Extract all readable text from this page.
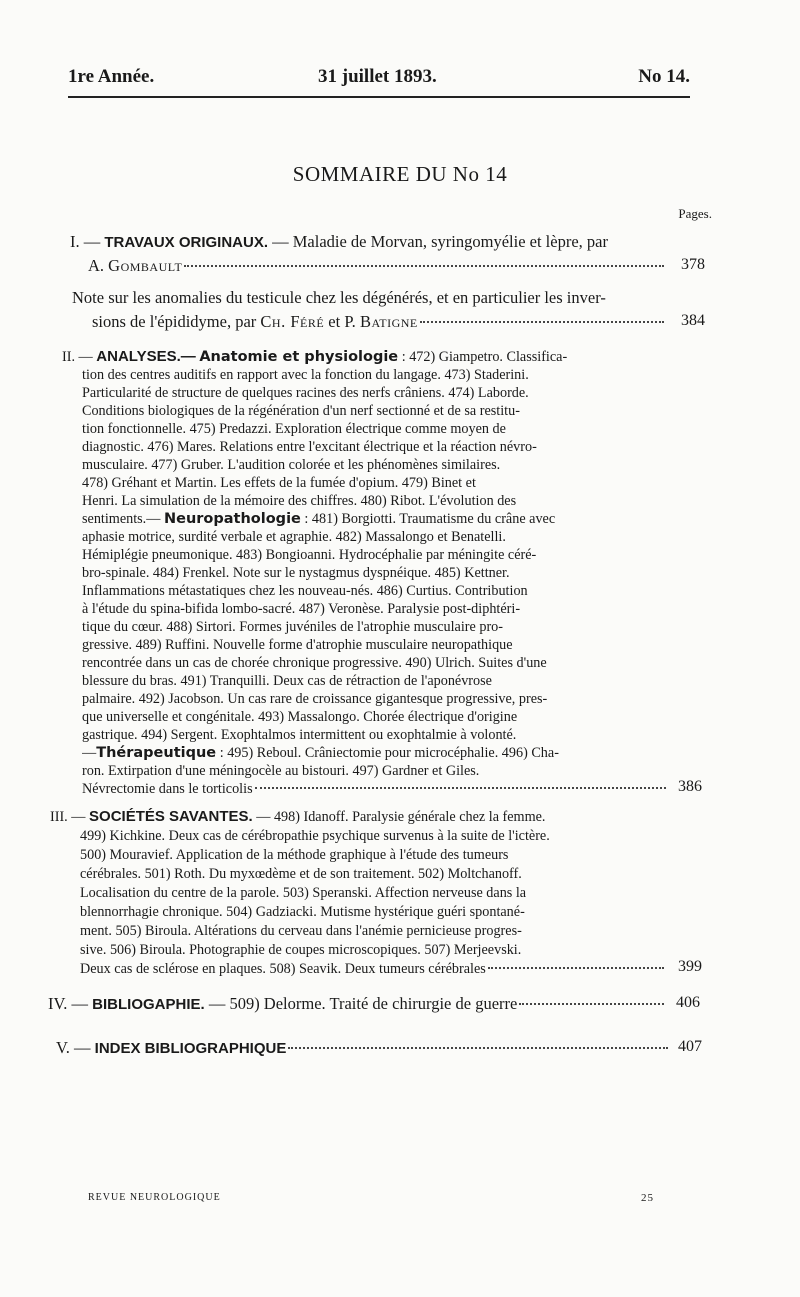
1re Année.	31 juillet 1893.	No 14.
SOMMAIRE DU No 14
Pages.
I. — TRAVAUX ORIGINAUX. — Maladie de Morvan, syringomyélie et lèpre, par
A.
Gombault	378
Note sur les anomalies du testicule chez les dégénérés, et en particulier les inver-
sions de l'épididyme, par
Ch. Féré
et P.
Batigne	384
II. — ANALYSES.— Anatomie et physiologie : 472) Giampetro. Classifica-
tion des centres auditifs en rapport avec la fonction du langage. 473) Staderini.
Particularité de structure de quelques racines des nerfs crâniens. 474) Laborde.
Conditions biologiques de la régénération d'un nerf sectionné et de sa restitu-
tion fonctionnelle. 475) Predazzi. Exploration électrique comme moyen de
diagnostic. 476) Mares. Relations entre l'excitant électrique et la réaction névro-
musculaire. 477) Gruber. L'audition colorée et les phénomènes similaires.
478) Gréhant et Martin. Les effets de la fumée d'opium. 479) Binet et
Henri. La simulation de la mémoire des chiffres. 480) Ribot. L'évolution des
sentiments.— Neuropathologie : 481) Borgiotti. Traumatisme du crâne avec
aphasie motrice, surdité verbale et agraphie. 482) Massalongo et Benatelli.
Hémiplégie pneumonique. 483) Bongioanni. Hydrocéphalie par méningite céré-
bro-spinale. 484) Frenkel. Note sur le nystagmus dyspnéique. 485) Kettner.
Inflammations métastatiques chez les nouveau-nés. 486) Curtius. Contribution
à l'étude du spina-bifida lombo-sacré. 487) Veronèse. Paralysie post-diphtéri-
tique du cœur. 488) Sirtori. Formes juvéniles de l'atrophie musculaire pro-
gressive. 489) Ruffini. Nouvelle forme d'atrophie musculaire neuropathique
rencontrée dans un cas de chorée chronique progressive. 490) Ulrich. Suites d'une
blessure du bras. 491) Tranquilli. Deux cas de rétraction de l'aponévrose
palmaire. 492) Jacobson. Un cas rare de croissance gigantesque progressive, pres-
que universelle et congénitale. 493) Massalongo. Chorée électrique d'origine
gastrique. 494) Sergent. Exophtalmos intermittent ou exophtalmie à volonté.
—Thérapeutique : 495) Reboul. Crâniectomie pour microcéphalie. 496) Cha-
ron. Extirpation d'une méningocèle au bistouri. 497) Gardner et Giles.
Névrectomie dans le torticolis	386
III. — SOCIÉTÉS SAVANTES. — 498) Idanoff. Paralysie générale chez la femme.
499) Kichkine. Deux cas de cérébropathie psychique survenus à la suite de l'ictère.
500) Mouravief. Application de la méthode graphique à l'étude des tumeurs
cérébrales. 501) Roth. Du myxœdème et de son traitement. 502) Moltchanoff.
Localisation du centre de la parole. 503) Speranski. Affection nerveuse dans la
blennorrhagie chronique. 504) Gadziacki. Mutisme hystérique guéri spontané-
ment. 505) Biroula. Altérations du cerveau dans l'anémie pernicieuse progres-
sive. 506) Biroula. Photographie de coupes microscopiques. 507) Merjeevski.
Deux cas de sclérose en plaques. 508) Seavik. Deux tumeurs cérébrales	399
IV. —
BIBLIOGAPHIE.
— 509) Delorme. Traité de chirurgie de guerre	406
V. —
INDEX BIBLIOGRAPHIQUE	407
REVUE NEUROLOGIQUE	25
